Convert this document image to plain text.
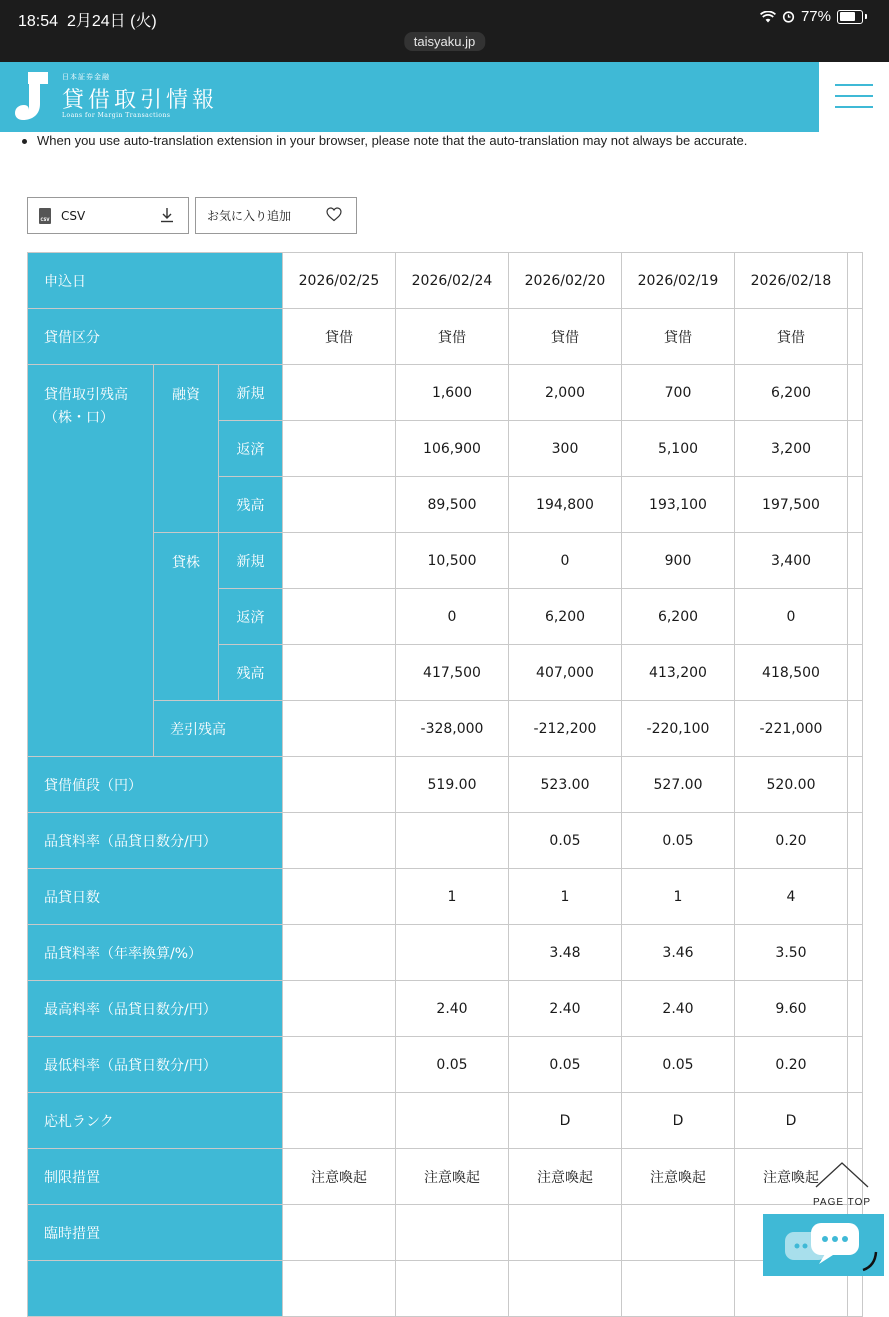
18:54 2月24日 (火)	77%
taisyaku.jp
日本証券金融
貸借取引情報
Loans for Margin Transactions
When you use auto-translation extension in your browser, please note that the auto-translation may not always be accurate.
CSV CSV	お気に入り追加
申込日			2026/02/25	2026/02/24	2026/02/20	2026/02/19	2026/02/18	
貸借区分			貸借	貸借	貸借	貸借	貸借	
貸借取引残高
（株・口）	融資	新規		1,600	2,000	700	6,200	
		返済		106,900	300	5,100	3,200	
		残高		89,500	194,800	193,100	197,500	
	貸株	新規		10,500	0	900	3,400	
		返済		0	6,200	6,200	0	
		残高		417,500	407,000	413,200	418,500	
	差引残高			-328,000	-212,200	-220,100	-221,000	
貸借値段（円）				519.00	523.00	527.00	520.00	
品貸料率（品貸日数分/円）					0.05	0.05	0.20	
品貸日数				1	1	1	4	
品貸料率（年率換算/%）					3.48	3.46	3.50	
最高料率（品貸日数分/円）				2.40	2.40	2.40	9.60	
最低料率（品貸日数分/円）				0.05	0.05	0.05	0.20	
応札ランク					D	D	D	
制限措置			注意喚起	注意喚起	注意喚起	注意喚起	注意喚起	
臨時措置								

PAGE TOP
